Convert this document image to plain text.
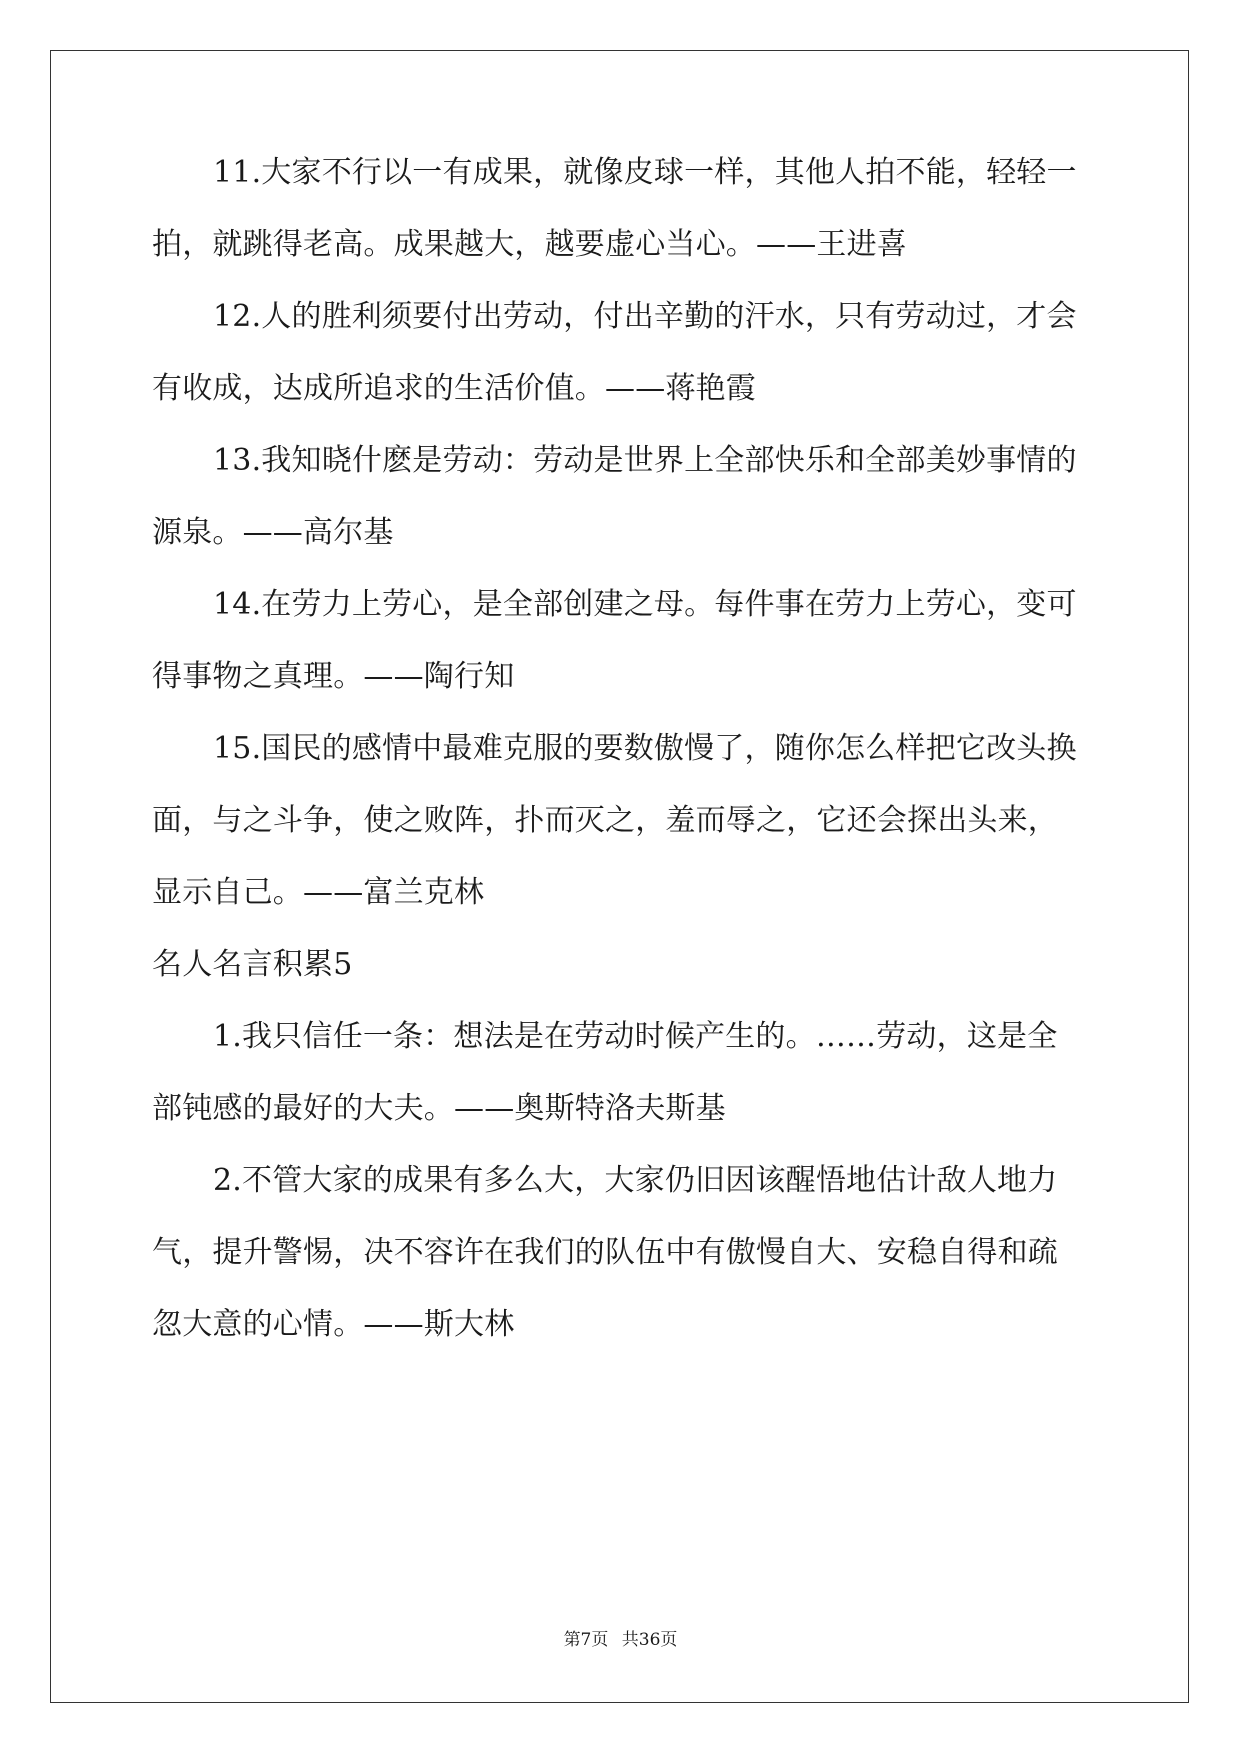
11.大家不行以一有成果，就像皮球一样，其他人拍不能，轻轻一
拍，就跳得老高。成果越大，越要虚心当心。——王进喜
12.人的胜利须要付出劳动，付出辛勤的汗水，只有劳动过，才会
有收成，达成所追求的生活价值。——蒋艳霞
13.我知晓什麽是劳动：劳动是世界上全部快乐和全部美妙事情的
源泉。——高尔基
14.在劳力上劳心，是全部创建之母。每件事在劳力上劳心，变可
得事物之真理。——陶行知
15.国民的感情中最难克服的要数傲慢了，随你怎么样把它改头换
面，与之斗争，使之败阵，扑而灭之，羞而辱之，它还会探出头来，
显示自己。——富兰克林
名人名言积累5
1.我只信任一条：想法是在劳动时候产生的。……劳动，这是全
部钝感的最好的大夫。——奥斯特洛夫斯基
2.不管大家的成果有多么大，大家仍旧因该醒悟地估计敌人地力
气，提升警惕，决不容许在我们的队伍中有傲慢自大、安稳自得和疏
忽大意的心情。——斯大林
第7页 共36页
